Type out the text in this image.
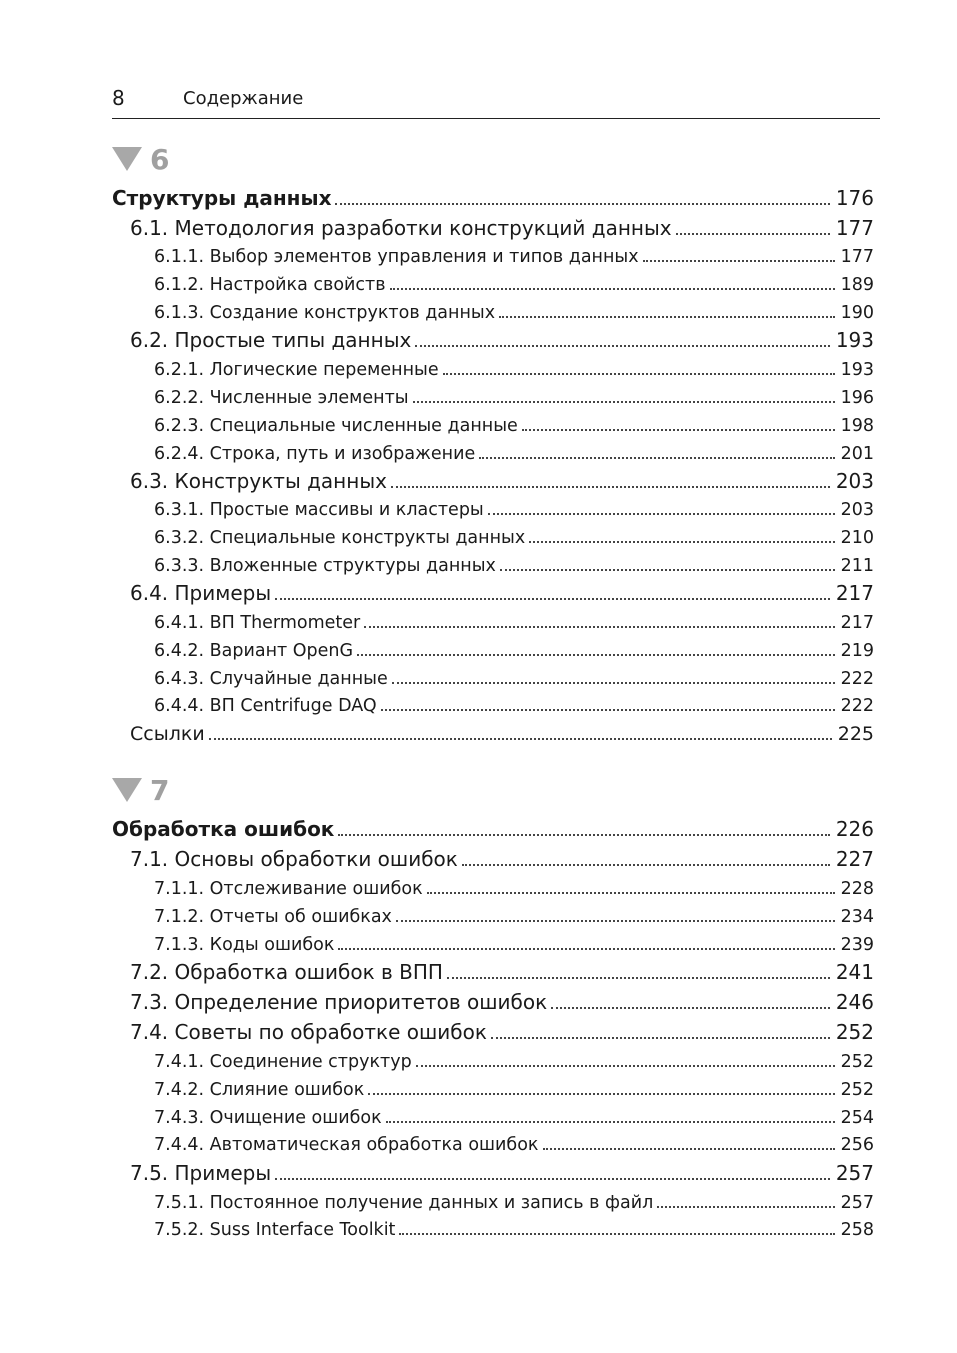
8	Содержание
6
Структуры данных	176
6.1. Методология разработки конструкций данных	177
6.1.1. Выбор элементов управления и типов данных	177
6.1.2. Настройка свойств	189
6.1.3. Создание конструктов данных	190
6.2. Простые типы данных	193
6.2.1. Логические переменные	193
6.2.2. Численные элементы	196
6.2.3. Специальные численные данные	198
6.2.4. Строка, путь и изображение	201
6.3. Конструкты данных	203
6.3.1. Простые массивы и кластеры	203
6.3.2. Специальные конструкты данных	210
6.3.3. Вложенные структуры данных	211
6.4. Примеры	217
6.4.1. ВП Thermometer	217
6.4.2. Вариант OpenG	219
6.4.3. Случайные данные	222
6.4.4. ВП Centrifuge DAQ	222
Ссылки	225
7
Обработка ошибок	226
7.1. Основы обработки ошибок	227
7.1.1. Отслеживание ошибок	228
7.1.2. Отчеты об ошибках	234
7.1.3. Коды ошибок	239
7.2. Обработка ошибок в ВПП	241
7.3. Определение приоритетов ошибок	246
7.4. Советы по обработке ошибок	252
7.4.1. Соединение структур	252
7.4.2. Слияние ошибок	252
7.4.3. Очищение ошибок	254
7.4.4. Автоматическая обработка ошибок	256
7.5. Примеры	257
7.5.1. Постоянное получение данных и запись в файл	257
7.5.2. Suss Interface Toolkit	258
